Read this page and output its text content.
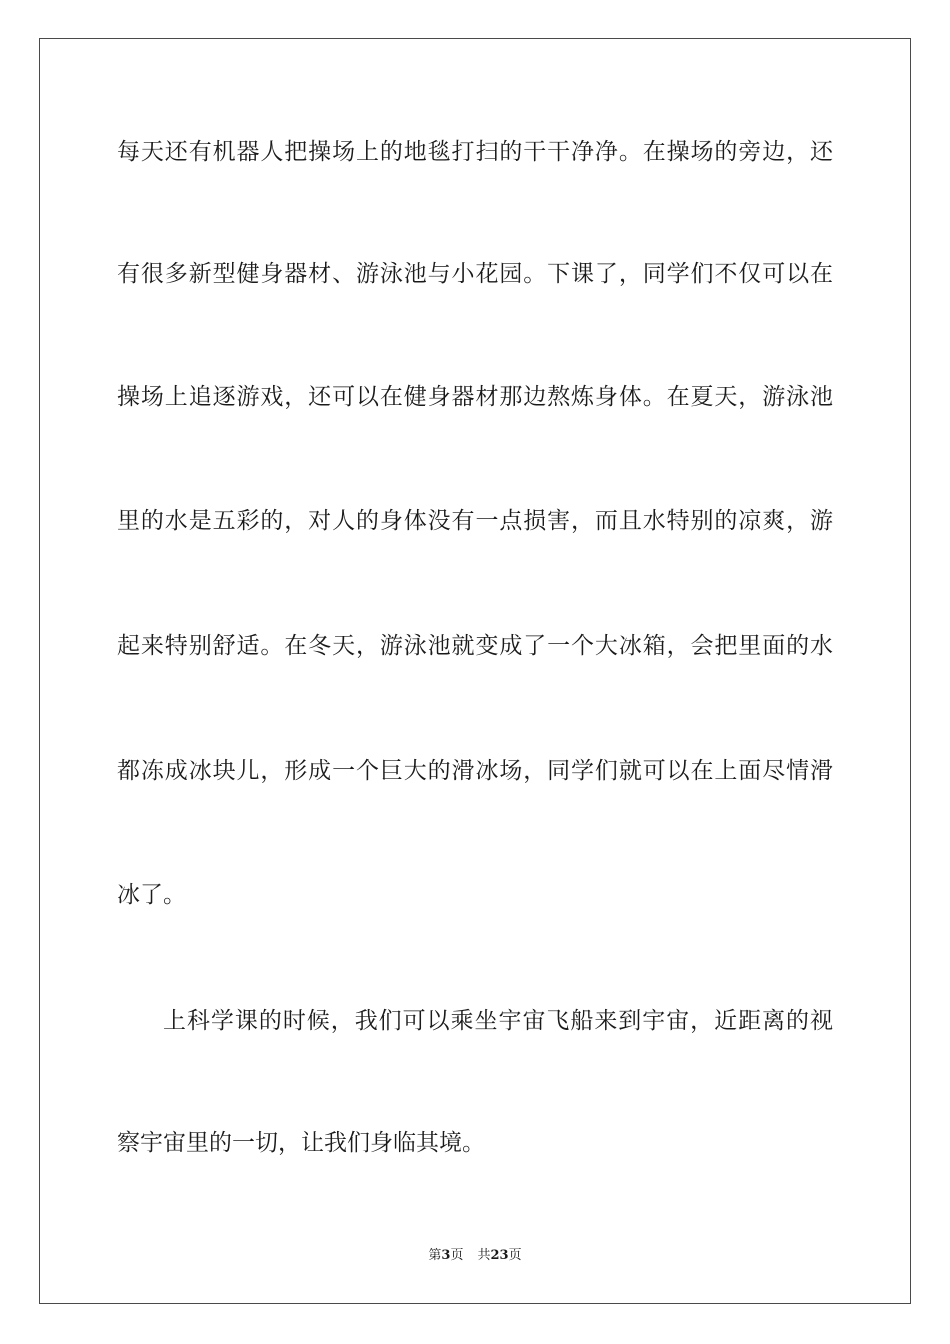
每天还有机器人把操场上的地毯打扫的干干净净。在操场的旁边，还
有很多新型健身器材、游泳池与小花园。下课了，同学们不仅可以在
操场上追逐游戏，还可以在健身器材那边熬炼身体。在夏天，游泳池
里的水是五彩的，对人的身体没有一点损害，而且水特别的凉爽，游
起来特别舒适。在冬天，游泳池就变成了一个大冰箱，会把里面的水
都冻成冰块儿，形成一个巨大的滑冰场，同学们就可以在上面尽情滑
冰了。
上科学课的时候，我们可以乘坐宇宙飞船来到宇宙，近距离的视
察宇宙里的一切，让我们身临其境。
第3页 共23页
